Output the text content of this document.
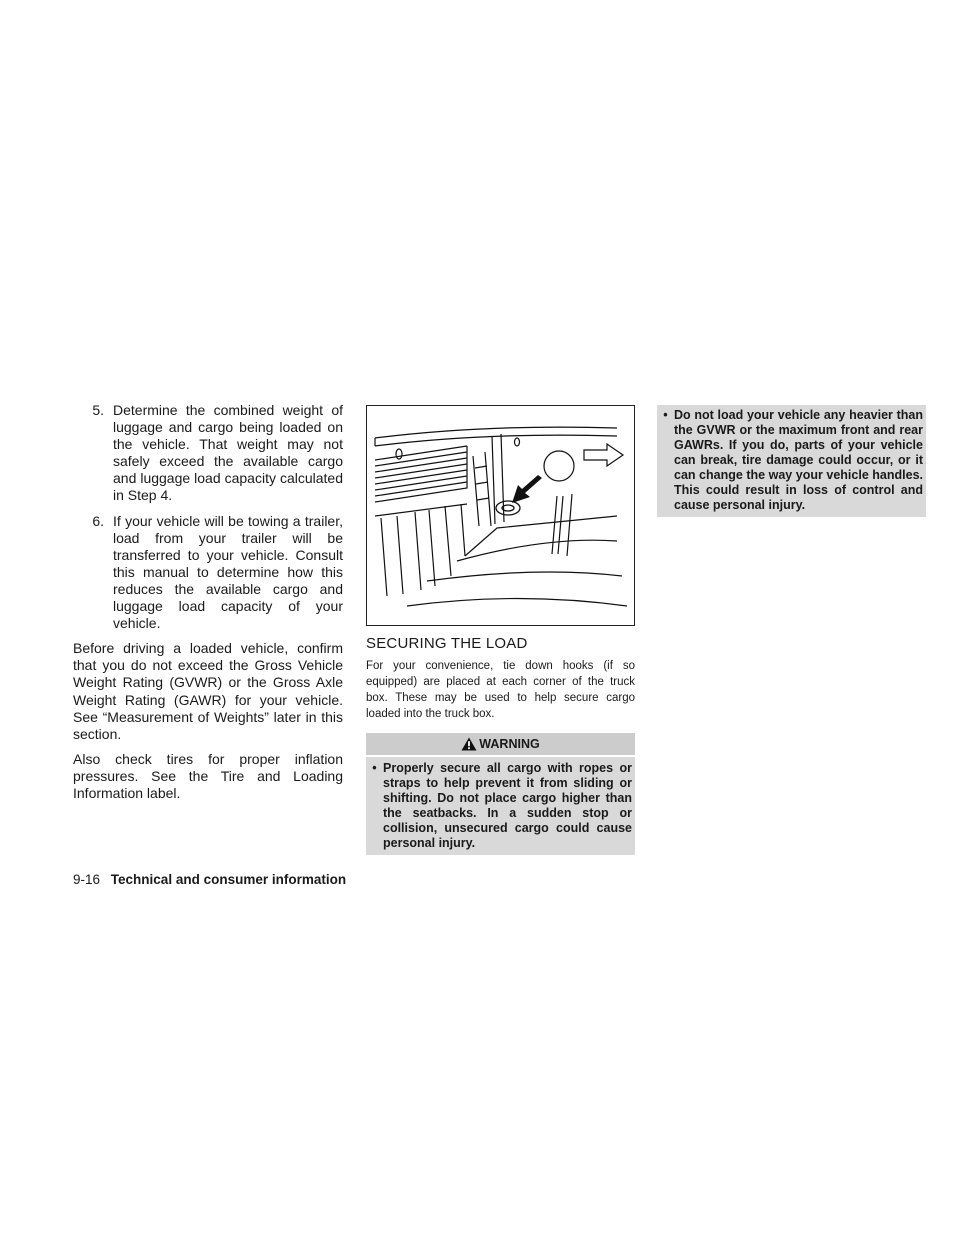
5. Determine the combined weight of luggage and cargo being loaded on the vehicle. That weight may not safely exceed the available cargo and luggage load capacity calculated in Step 4.
6. If your vehicle will be towing a trailer, load from your trailer will be transferred to your vehicle. Consult this manual to determine how this reduces the available cargo and luggage load capacity of your vehicle.

Before driving a loaded vehicle, confirm that you do not exceed the Gross Vehicle Weight Rating (GVWR) or the Gross Axle Weight Rating (GAWR) for your vehicle. See “Measurement of Weights” later in this section.

Also check tires for proper inflation pressures. See the Tire and Loading Information label.

SECURING THE LOAD
For your convenience, tie down hooks (if so equipped) are placed at each corner of the truck box. These may be used to help secure cargo loaded into the truck box.
WARNING
• Properly secure all cargo with ropes or straps to help prevent it from sliding or shifting. Do not place cargo higher than the seatbacks. In a sudden stop or collision, unsecured cargo could cause personal injury.
• Do not load your vehicle any heavier than the GVWR or the maximum front and rear GAWRs. If you do, parts of your vehicle can break, tire damage could occur, or it can change the way your vehicle handles. This could result in loss of control and cause personal injury.
9-16 Technical and consumer information
